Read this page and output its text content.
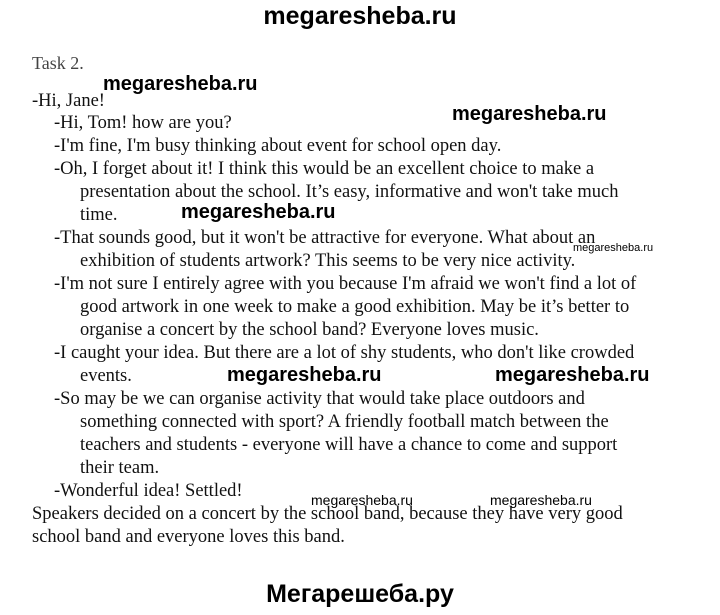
megaresheba.ru
Task 2.
-Hi, Jane!
-Hi, Tom! how are you?
-I'm fine, I'm busy thinking about event for school open day.
-Oh, I forget about it! I think this would be an excellent choice to make a
presentation about the school. It’s easy, informative and won't take much
time.
-That sounds good, but it won't be attractive for everyone. What about an
exhibition of students artwork? This seems to be very nice activity.
-I'm not sure I entirely agree with you because I'm afraid we won't find a lot of
good artwork in one week to make a good exhibition. May be it’s better to
organise a concert by the school band? Everyone loves music.
-I caught your idea. But there are a lot of shy students, who don't like crowded
events.
-So may be we can organise activity that would take place outdoors and
something connected with sport? A friendly football match between the
teachers and students - everyone will have a chance to come and support
their team.
-Wonderful idea! Settled!
Speakers decided on a concert by the school band, because they have very good
school band and everyone loves this band.
megaresheba.ru
megaresheba.ru
megaresheba.ru
megaresheba.ru
megaresheba.ru	megaresheba.ru
megaresheba.ru	megaresheba.ru
Мегарешеба.ру
